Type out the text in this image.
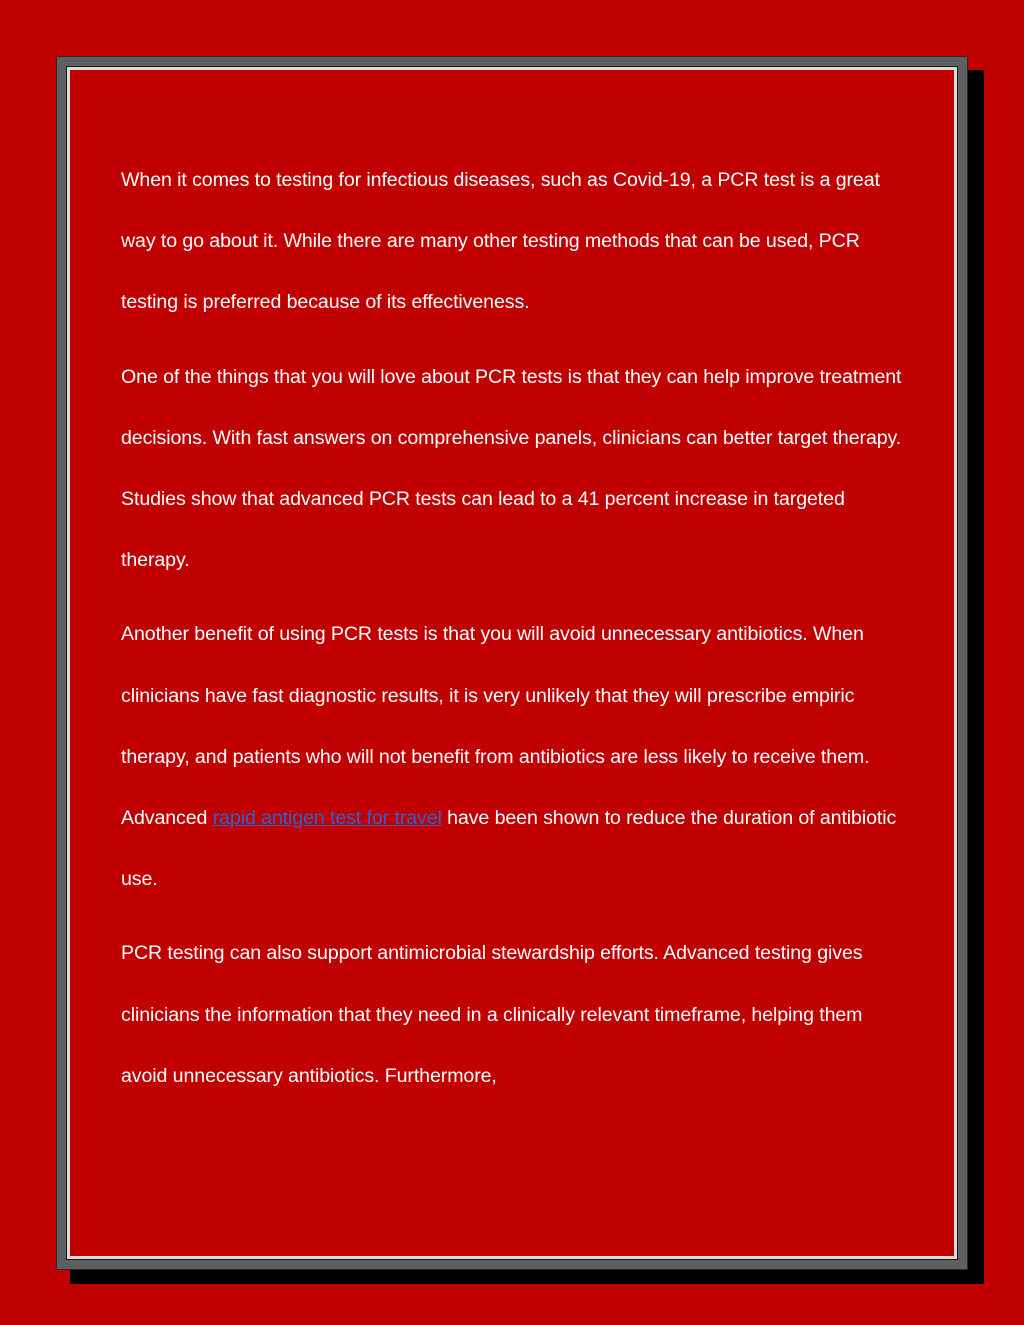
When it comes to testing for infectious diseases, such as Covid-19, a PCR test is a great way to go about it. While there are many other testing methods that can be used, PCR testing is preferred because of its effectiveness.

One of the things that you will love about PCR tests is that they can help improve treatment decisions. With fast answers on comprehensive panels, clinicians can better target therapy. Studies show that advanced PCR tests can lead to a 41 percent increase in targeted therapy.

Another benefit of using PCR tests is that you will avoid unnecessary antibiotics. When clinicians have fast diagnostic results, it is very unlikely that they will prescribe empiric therapy, and patients who will not benefit from antibiotics are less likely to receive them. Advanced rapid antigen test for travel have been shown to reduce the duration of antibiotic use.

PCR testing can also support antimicrobial stewardship efforts. Advanced testing gives clinicians the information that they need in a clinically relevant timeframe, helping them avoid unnecessary antibiotics. Furthermore,
